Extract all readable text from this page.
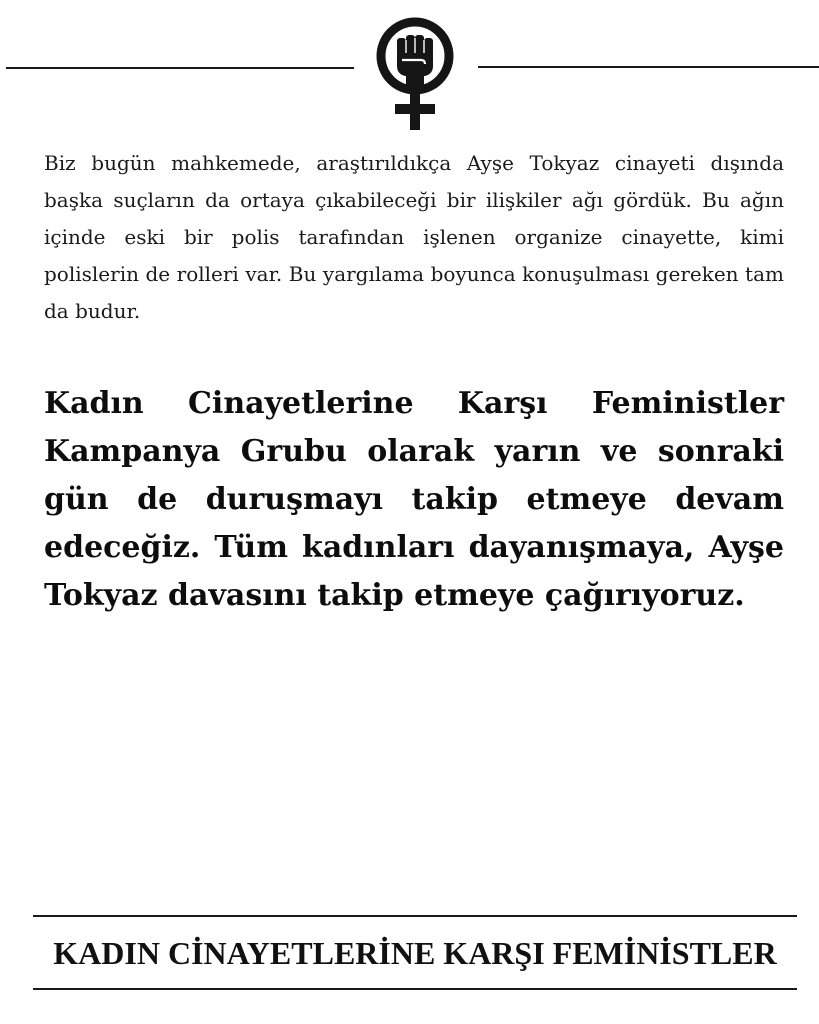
Biz bugün mahkemede, araştırıldıkça Ayşe Tokyaz cinayeti dışında başka suçların da ortaya çıkabileceği bir ilişkiler ağı gördük. Bu ağın içinde eski bir polis tarafından işlenen organize cinayette, kimi polislerin de rolleri var. Bu yargılama boyunca konuşulması gereken tam da budur.

Kadın Cinayetlerine Karşı Feministler Kampanya Grubu olarak yarın ve sonraki gün de duruşmayı takip etmeye devam edeceğiz. Tüm kadınları dayanışmaya, Ayşe Tokyaz davasını takip etmeye çağırıyoruz.

KADIN CİNAYETLERİNE KARŞI FEMİNİSTLER
